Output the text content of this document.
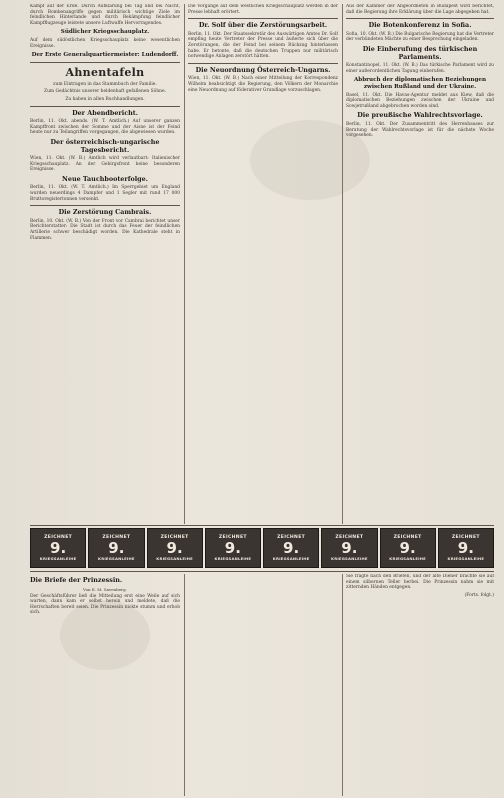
Kampf auf der Erde. Durch Aufklärung bei Tag und bei Nacht, durch Bombenangriffe gegen militärisch wichtige Ziele im feindlichen Hinterlande und durch Bekämpfung feindlicher Kampfflugzeuge leistete unsere Luftwaffe Hervorragendes.

Südlicher Kriegsschauplatz.

Auf dem südöstlichen Kriegsschauplatz keine wesentlichen Ereignisse.

Der Erste Generalquartiermeister: Ludendorff.
Ahnentafeln

zum Eintragen in das Stammbuch der Familie.

Zum Gedächtnis unserer heldenhaft gefallenen Söhne.

Zu haben in allen Buchhandlungen.

Der Abendbericht.

Berlin, 11. Okt. abends. (W. T. Amtlich.) Auf unserer ganzen Kampffront zwischen der Somme und der Aisne ist der Feind heute nur zu Teilangriffen vorgegangen, die abgewiesen wurden.

Der österreichisch-ungarische Tagesbericht.

Wien, 11. Okt. (W. B.) Amtlich wird verlautbart: Italienischer Kriegsschauplatz. An der Gebirgsfront keine besonderen Ereignisse.

Neue Tauchbooterfolge.

Berlin, 11. Okt. (W. T. Amtlich.) Im Sperrgebiet um England wurden neuerdings 4 Dampfer und 1 Segler mit rund 17 000 Bruttoregistertonnen versenkt.

Die Zerstörung Cambrais.

Berlin, 10. Okt. (W. B.) Von der Front vor Cambrai berichtet unser Berichterstatter: Die Stadt ist durch das Feuer der feindlichen Artillerie schwer beschädigt worden. Die Kathedrale steht in Flammen.

Die Vorgänge auf dem westlichen Kriegsschauplatz werden in der Presse lebhaft erörtert.

Dr. Solf über die Zerstörungsarbeit.

Berlin, 11. Okt. Der Staatssekretär des Auswärtigen Amtes Dr. Solf empfing heute Vertreter der Presse und äußerte sich über die Zerstörungen, die der Feind bei seinem Rückzug hinterlassen habe. Er betonte, daß die deutschen Truppen nur militärisch notwendige Anlagen zerstört hätten.

Die Neuordnung Österreich-Ungarns.

Wien, 11. Okt. (W. B.) Nach einer Mitteilung der Korrespondenz Wilhelm beabsichtigt die Regierung, den Völkern der Monarchie eine Neuordnung auf föderativer Grundlage vorzuschlagen.

Aus der Kammer der Abgeordneten in Budapest wird berichtet, daß die Regierung ihre Erklärung über die Lage abgegeben hat.

Die Botenkonferenz in Sofia.

Sofia, 10. Okt. (W. B.) Die Bulgarische Regierung hat die Vertreter der verbündeten Mächte zu einer Besprechung eingeladen.

Die Einberufung des türkischen Parlaments.

Konstantinopel, 11. Okt. (W. B.) Das türkische Parlament wird zu einer außerordentlichen Tagung einberufen.

Abbruch der diplomatischen Beziehungen zwischen Rußland und der Ukraine.

Basel, 11. Okt. Die Havas-Agentur meldet aus Kiew, daß die diplomatischen Beziehungen zwischen der Ukraine und Sowjetrußland abgebrochen worden sind.

Die preußische Wahlrechtsvorlage.

Berlin, 11. Okt. Der Zusammentritt des Herrenhauses zur Beratung der Wahlrechtsvorlage ist für die nächste Woche vorgesehen.

ZEICHNET
9.
KRIEGSANLEIHE
ZEICHNET
9.
KRIEGSANLEIHE
ZEICHNET
9.
KRIEGSANLEIHE
ZEICHNET
9.
KRIEGSANLEIHE
ZEICHNET
9.
KRIEGSANLEIHE
ZEICHNET
9.
KRIEGSANLEIHE
ZEICHNET
9.
KRIEGSANLEIHE
ZEICHNET
9.
KRIEGSANLEIHE
Die Briefe der Prinzessin.

Von E. M. Savenberg.

Der Geschäftsführer ließ die Mitteilung erst eine Weile auf sich warten, dann kam er selbst herein und meldete, daß die Herrschaften bereit seien. Die Prinzessin nickte stumm und erhob sich.

Sie fragte nach den Briefen, und der alte Diener brachte sie auf einem silbernen Teller herbei. Die Prinzessin nahm sie mit zitternden Händen entgegen.

(Forts. folgt.)
